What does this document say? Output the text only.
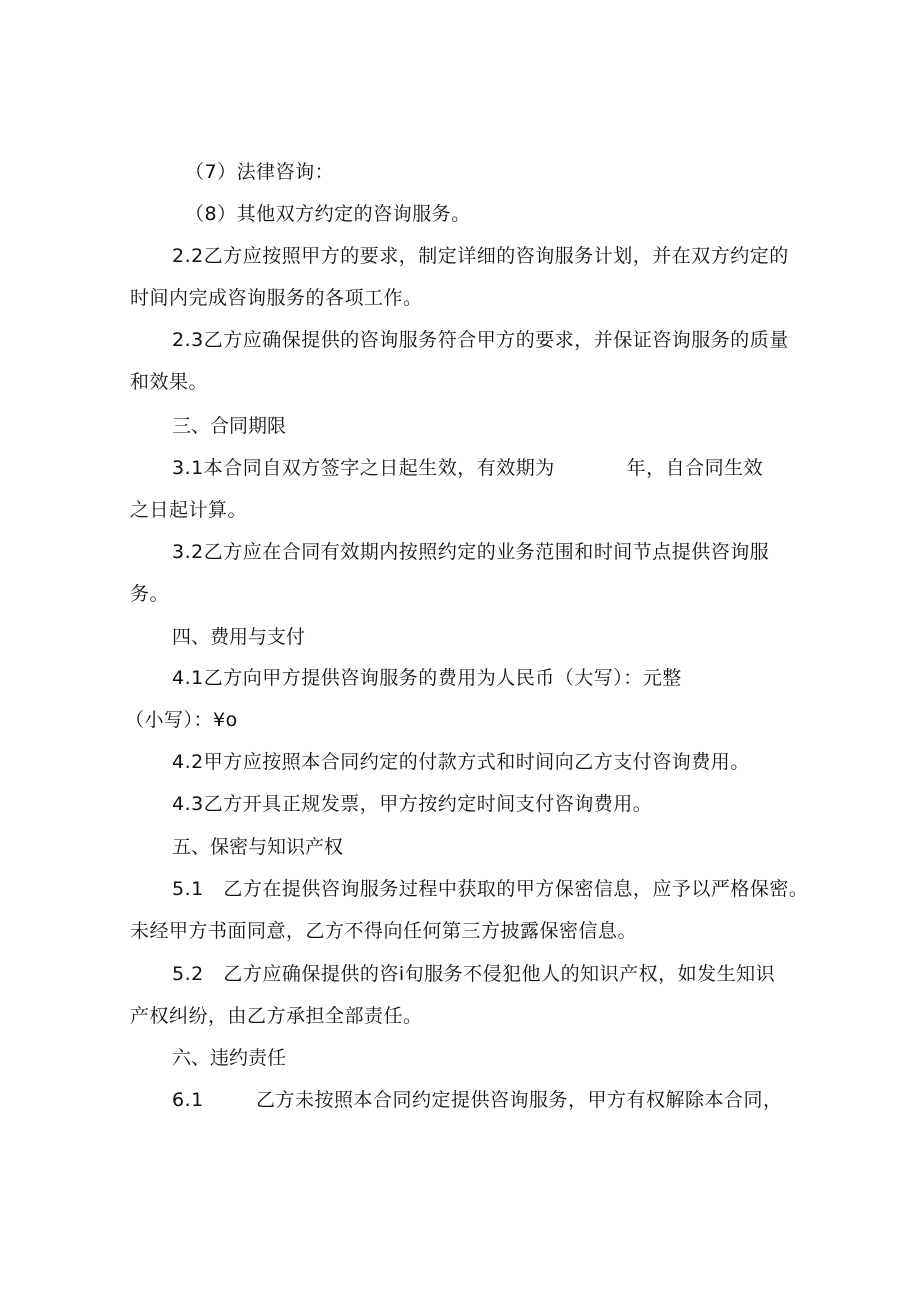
（7）法律咨询：
（8）其他双方约定的咨询服务。
2.2乙方应按照甲方的要求，制定详细的咨询服务计划，并在双方约定的
时间内完成咨询服务的各项工作。
2.3乙方应确保提供的咨询服务符合甲方的要求，并保证咨询服务的质量
和效果。
三、合同期限
3.1本合同自双方签字之日起生效，有效期为           年，自合同生效
之日起计算。
3.2乙方应在合同有效期内按照约定的业务范围和时间节点提供咨询服
务。
四、费用与支付
4.1乙方向甲方提供咨询服务的费用为人民币（大写）：元整
（小写）：¥o
4.2甲方应按照本合同约定的付款方式和时间向乙方支付咨询费用。
4.3乙方开具正规发票，甲方按约定时间支付咨询费用。
五、保密与知识产权
5.1   乙方在提供咨询服务过程中获取的甲方保密信息，应予以严格保密。
未经甲方书面同意，乙方不得向任何第三方披露保密信息。
5.2   乙方应确保提供的咨i旬服务不侵犯他人的知识产权，如发生知识
产权纠纷，由乙方承担全部责任。
六、违约责任
6.1        乙方未按照本合同约定提供咨询服务，甲方有权解除本合同，
